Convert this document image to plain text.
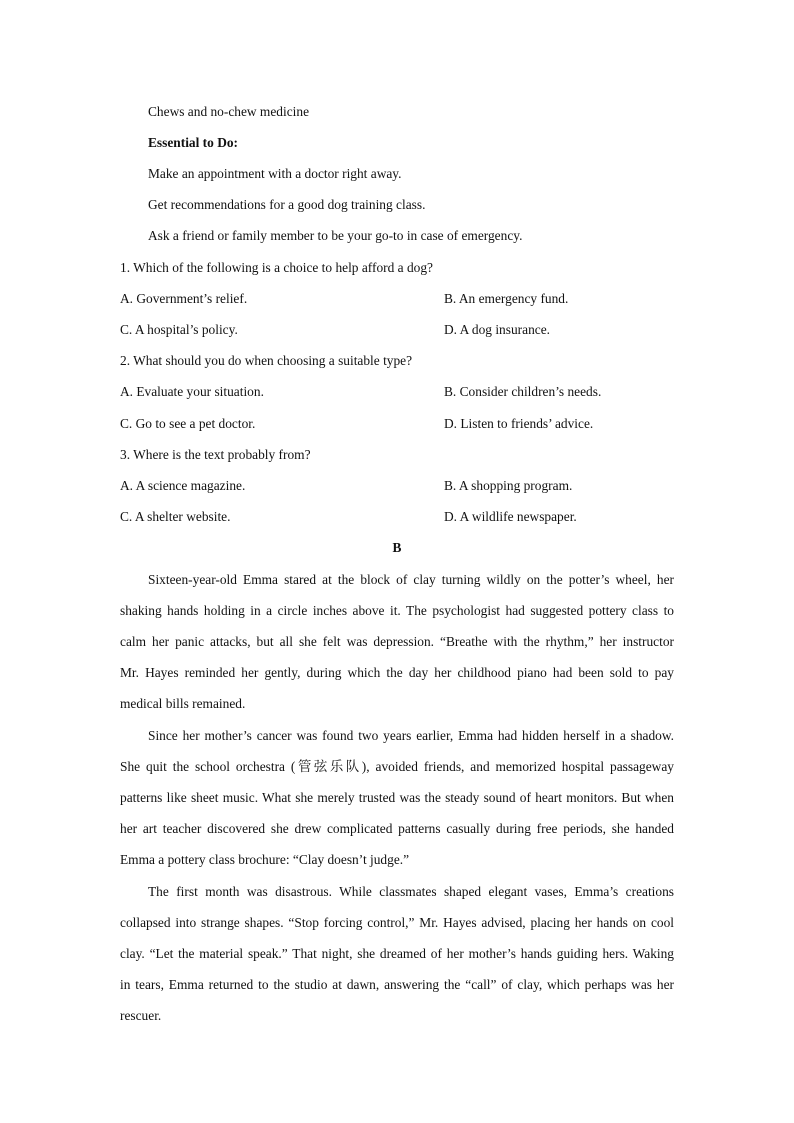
Chews and no-chew medicine
Essential to Do:
Make an appointment with a doctor right away.
Get recommendations for a good dog training class.
Ask a friend or family member to be your go-to in case of emergency.
1. Which of the following is a choice to help afford a dog?
A. Government’s relief.	B. An emergency fund.
C. A hospital’s policy.	D. A dog insurance.
2. What should you do when choosing a suitable type?
A. Evaluate your situation.	B. Consider children’s needs.
C. Go to see a pet doctor.	D. Listen to friends’ advice.
3. Where is the text probably from?
A. A science magazine.	B. A shopping program.
C. A shelter website.	D. A wildlife newspaper.
B
Sixteen-year-old Emma stared at the block of clay turning wildly on the potter’s wheel, her
shaking hands holding in a circle inches above it. The psychologist had suggested pottery class to
calm her panic attacks, but all she felt was depression. “Breathe with the rhythm,” her instructor
Mr. Hayes reminded her gently, during which the day her childhood piano had been sold to pay
medical bills remained.
Since her mother’s cancer was found two years earlier, Emma had hidden herself in a shadow.
She quit the school orchestra (管弦乐队), avoided friends, and memorized hospital passageway
patterns like sheet music. What she merely trusted was the steady sound of heart monitors. But when
her art teacher discovered she drew complicated patterns casually during free periods, she handed
Emma a pottery class brochure: “Clay doesn’t judge.”
The first month was disastrous. While classmates shaped elegant vases, Emma’s creations
collapsed into strange shapes. “Stop forcing control,” Mr. Hayes advised, placing her hands on cool
clay. “Let the material speak.” That night, she dreamed of her mother’s hands guiding hers. Waking
in tears, Emma returned to the studio at dawn, answering the “call” of clay, which perhaps was her
rescuer.
